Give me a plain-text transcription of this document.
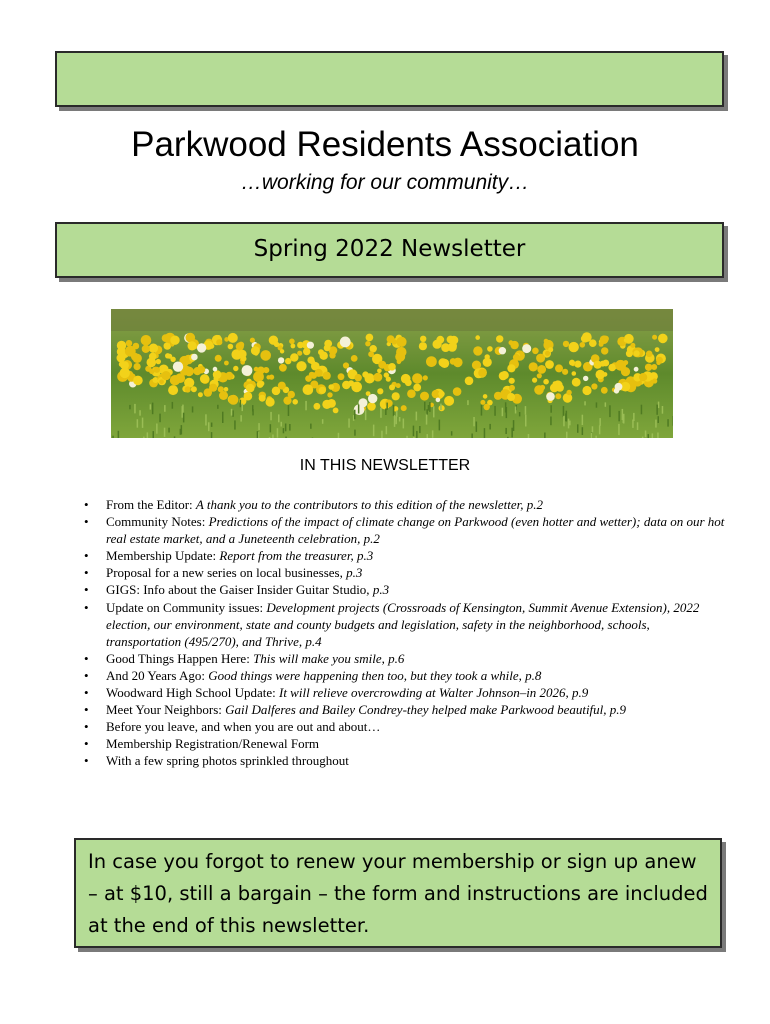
Parkwood Residents Association
…working for our community…
Spring 2022 Newsletter
IN THIS NEWSLETTER
• From the Editor: A thank you to the contributors to this edition of the newsletter, p.2
• Community Notes: Predictions of the impact of climate change on Parkwood (even hotter and wetter); data on our hot real estate market, and a Juneteenth celebration, p.2
• Membership Update: Report from the treasurer, p.3
• Proposal for a new series on local businesses, p.3
• GIGS: Info about the Gaiser Insider Guitar Studio, p.3
• Update on Community issues: Development projects (Crossroads of Kensington, Summit Avenue Extension), 2022 election, our environment, state and county budgets and legislation, safety in the neighborhood, schools, transportation (495/270), and Thrive, p.4
• Good Things Happen Here: This will make you smile, p.6
• And 20 Years Ago: Good things were happening then too, but they took a while, p.8
• Woodward High School Update: It will relieve overcrowding at Walter Johnson–in 2026, p.9
• Meet Your Neighbors: Gail Dalferes and Bailey Condrey-they helped make Parkwood beautiful, p.9
• Before you leave, and when you are out and about…
• Membership Registration/Renewal Form
• With a few spring photos sprinkled throughout

In case you forgot to renew your membership or sign up anew – at $10, still a bargain – the form and instructions are included at the end of this newsletter.
